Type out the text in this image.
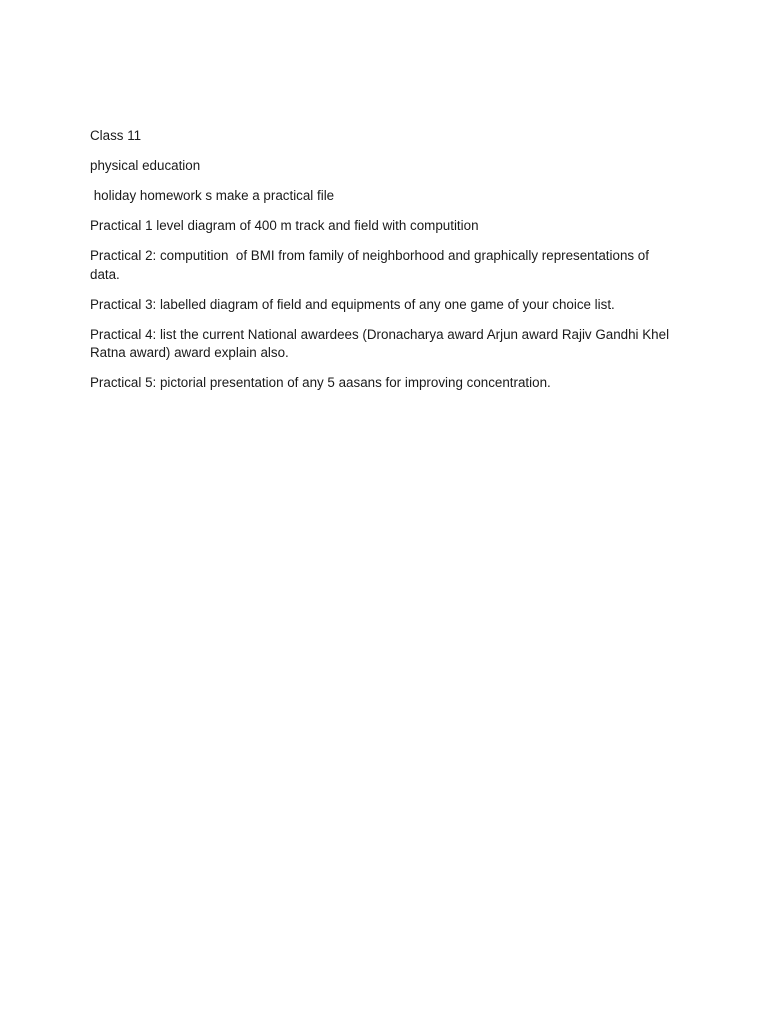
Class 11

physical education

holiday homework s make a practical file

Practical 1 level diagram of 400 m track and field with computition

Practical 2: computition  of BMI from family of neighborhood and graphically representations of data.

Practical 3: labelled diagram of field and equipments of any one game of your choice list.

Practical 4: list the current National awardees (Dronacharya award Arjun award Rajiv Gandhi Khel Ratna award) award explain also.

Practical 5: pictorial presentation of any 5 aasans for improving concentration.
